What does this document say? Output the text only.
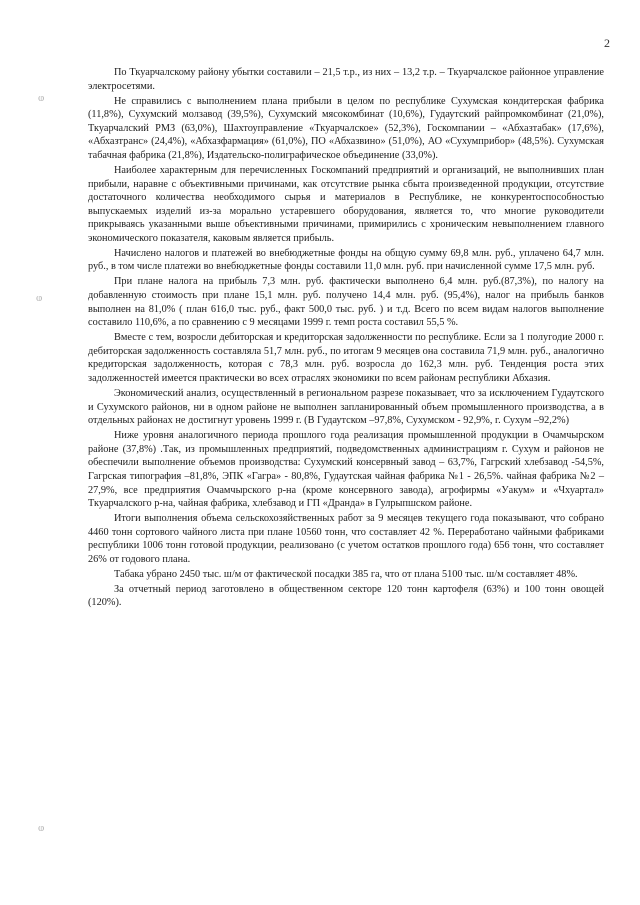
2
ⱷ
ⱷ
ⱷ

По Ткуарчалскому району убытки составили – 21,5 т.р., из них – 13,2 т.р. – Ткуарчалское районное управление электросетями.

Не справились с выполнением плана прибыли в целом по республике Сухумская кондитерская фабрика (11,8%), Сухумский молзавод (39,5%), Сухумский мясокомбинат (10,6%), Гудаутский райпромкомбинат (21,0%), Ткуарчалский РМЗ (63,0%), Шахтоуправление «Ткуарчалское» (52,3%), Госкомпании – «Абхазтабак» (17,6%), «Абхазтранс» (24,4%), «Абхазфармация» (61,0%), ПО «Абхазвино» (51,0%), АО «Сухумприбор» (48,5%). Сухумская табачная фабрика (21,8%), Издательско-полиграфическое объединение (33,0%).

Наиболее характерным для перечисленных Госкомпаний предприятий и организаций, не выполнивших план прибыли, наравне с объективными причинами, как отсутствие рынка сбыта произведенной продукции, отсутствие достаточного количества необходимого сырья и материалов в Республике, не конкурентоспособностью выпускаемых изделий из-за морально устаревшего оборудования, является то, что многие руководители прикрываясь указанными выше объективными причинами, примирились с хроническим невыполнением главного экономического показателя, каковым является прибыль.

Начислено налогов и платежей во внебюджетные фонды на общую сумму 69,8 млн. руб., уплачено 64,7 млн. руб., в том числе платежи во внебюджетные фонды составили 11,0 млн. руб. при начисленной сумме 17,5 млн. руб.

При плане налога на прибыль 7,3 млн. руб. фактически выполнено 6,4 млн. руб.(87,3%), по налогу на добавленную стоимость при плане 15,1 млн. руб. получено 14,4 млн. руб. (95,4%), налог на прибыль банков выполнен на 81,0% ( план 616,0 тыс. руб., факт 500,0 тыс. руб. ) и т.д. Всего по всем видам налогов выполнение составило 110,6%, а по сравнению с 9 месяцами 1999 г. темп роста составил 55,5 %.

Вместе с тем, возросли дебиторская и кредиторская задолженности по республике. Если за 1 полугодие 2000 г. дебиторская задолженность составляла 51,7 млн. руб., по итогам 9 месяцев она составила 71,9 млн. руб., аналогично кредиторская задолженность, которая с 78,3 млн. руб. возросла до 162,3 млн. руб. Тенденция роста этих задолженностей имеется практически во всех отраслях экономики по всем районам республики Абхазия.

Экономический анализ, осуществленный в региональном разрезе показывает, что за исключением Гудаутского и Сухумского районов, ни в одном районе не выполнен запланированный объем промышленного производства, а в отдельных районах не достигнут уровень 1999 г. (В Гудаутском –97,8%, Сухумском - 92,9%, г. Сухум –92,2%)

Ниже уровня аналогичного периода прошлого года реализация промышленной продукции в Очамчырском районе (37,8%) .Так, из промышленных предприятий, подведомственных администрациям г. Сухум и районов не обеспечили выполнение объемов производства: Сухумский консервный завод – 63,7%, Гагрский хлебзавод -54,5%, Гагрская типография –81,8%, ЭПК «Гагра» - 80,8%, Гудаутская чайная фабрика №1 - 26,5%. чайная фабрика №2 –27,9%, все предприятия Очамчырского р-на (кроме консервного завода), агрофирмы «Уакум» и «Чхуартал» Ткуарчалского р-на, чайная фабрика, хлебзавод и ГП «Дранда» в Гулрыпшском районе.

Итоги выполнения объема сельскохозяйственных работ за 9 месяцев текущего года показывают, что собрано 4460 тонн сортового чайного листа при плане 10560 тонн, что составляет 42 %. Переработано чайными фабриками республики 1006 тонн готовой продукции, реализовано (с учетом остатков прошлого года) 656 тонн, что составляет 26% от годового плана.

Табака убрано 2450 тыс. ш/м от фактической посадки 385 га, что от плана 5100 тыс. ш/м составляет 48%.

За отчетный период заготовлено в общественном секторе 120 тонн картофеля (63%) и 100 тонн овощей (120%).
